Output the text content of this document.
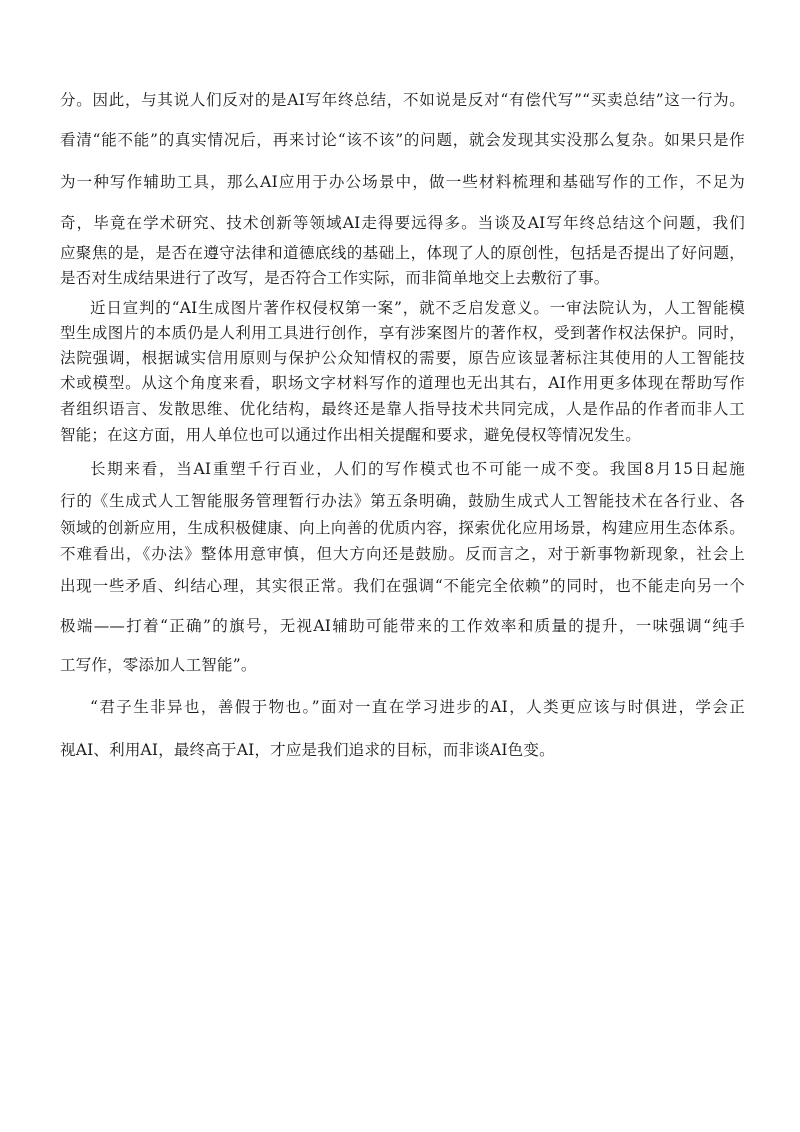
分。因此，与其说人们反对的是AI写年终总结，不如说是反对“有偿代写”“买卖总结”这一行为。

看清“能不能”的真实情况后，再来讨论“该不该”的问题，就会发现其实没那么复杂。如果只是作

为一种写作辅助工具，那么AI应用于办公场景中，做一些材料梳理和基础写作的工作，不足为

奇，毕竟在学术研究、技术创新等领域AI走得要远得多。当谈及AI写年终总结这个问题，我们

应聚焦的是，是否在遵守法律和道德底线的基础上，体现了人的原创性，包括是否提出了好问题，

是否对生成结果进行了改写，是否符合工作实际，而非简单地交上去敷衍了事。

近日宣判的“AI生成图片著作权侵权第一案”，就不乏启发意义。一审法院认为，人工智能模

型生成图片的本质仍是人利用工具进行创作，享有涉案图片的著作权，受到著作权法保护。同时，

法院强调，根据诚实信用原则与保护公众知情权的需要，原告应该显著标注其使用的人工智能技

术或模型。从这个角度来看，职场文字材料写作的道理也无出其右，AI作用更多体现在帮助写作

者组织语言、发散思维、优化结构，最终还是靠人指导技术共同完成，人是作品的作者而非人工

智能；在这方面，用人单位也可以通过作出相关提醒和要求，避免侵权等情况发生。

长期来看，当AI重塑千行百业，人们的写作模式也不可能一成不变。我国8月15日起施

行的《生成式人工智能服务管理暂行办法》第五条明确，鼓励生成式人工智能技术在各行业、各

领域的创新应用，生成积极健康、向上向善的优质内容，探索优化应用场景，构建应用生态体系。

不难看出，《办法》整体用意审慎，但大方向还是鼓励。反而言之，对于新事物新现象，社会上

出现一些矛盾、纠结心理，其实很正常。我们在强调“不能完全依赖”的同时，也不能走向另一个

极端——打着“正确”的旗号，无视AI辅助可能带来的工作效率和质量的提升，一味强调“纯手

工写作，零添加人工智能”。

“君子生非异也，善假于物也。”面对一直在学习进步的AI，人类更应该与时俱进，学会正

视AI、利用AI，最终高于AI，才应是我们追求的目标，而非谈AI色变。
